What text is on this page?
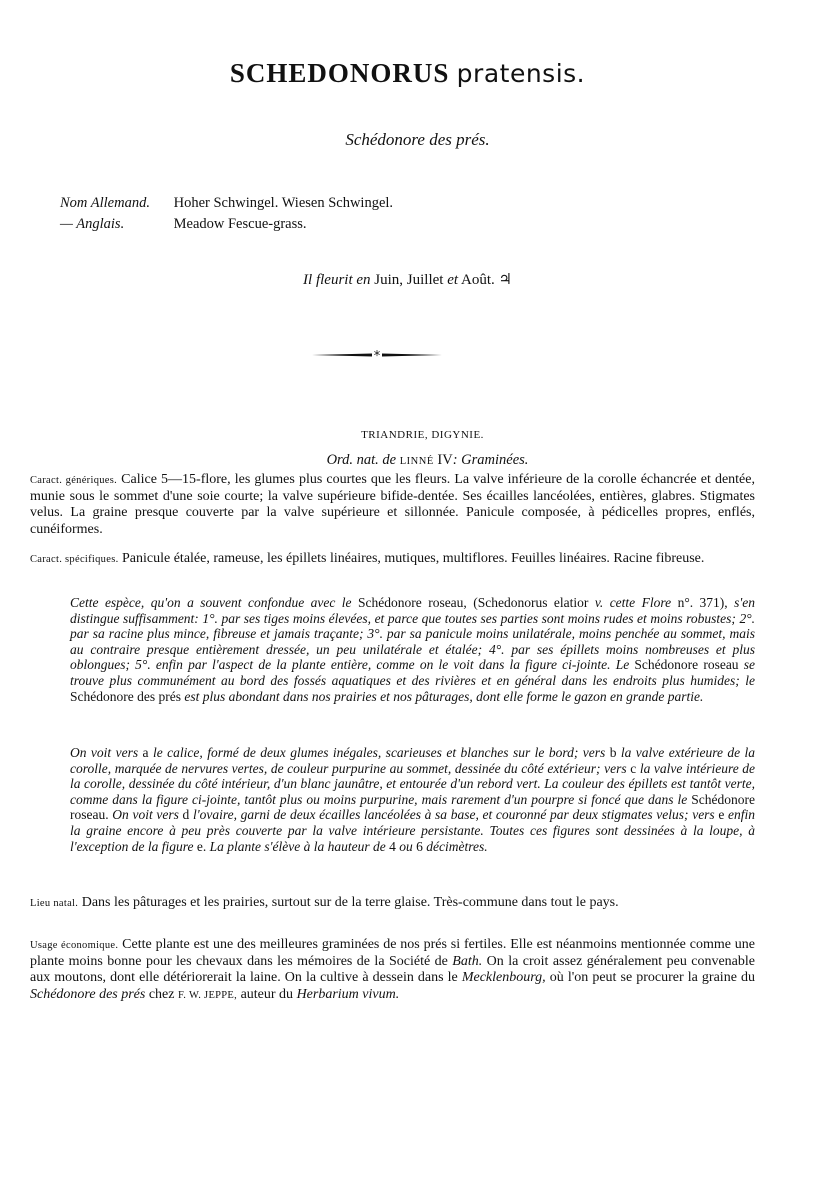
SCHEDONORUS pratensis.
Schédonore des prés.
Nom Allemand. Hoher Schwingel. Wiesen Schwingel.
— Anglais.	Meadow Fescue-grass.
Il fleurit en Juin, Juillet et Août. ♃
*
TRIANDRIE, DIGYNIE.
Ord. nat. de LINNÉ IV: Graminées.
Caract. génériques. Calice 5—15-flore, les glumes plus courtes que les fleurs. La valve inférieure de la corolle échancrée et dentée, munie sous le sommet d'une soie courte; la valve supérieure bifide-dentée. Ses écailles lancéolées, entières, glabres. Stigmates velus. La graine presque couverte par la valve supérieure et sillonnée. Panicule composée, à pédicelles propres, enflés, cunéiformes.
Caract. spécifiques. Panicule étalée, rameuse, les épillets linéaires, mutiques, multiflores. Feuilles linéaires. Racine fibreuse.
Cette espèce, qu'on a souvent confondue avec le Schédonore roseau, (Schedonorus elatior v. cette Flore n°. 371), s'en distingue suffisamment: 1°. par ses tiges moins élevées, et parce que toutes ses parties sont moins rudes et moins robustes; 2°. par sa racine plus mince, fibreuse et jamais traçante; 3°. par sa panicule moins unilatérale, moins penchée au sommet, mais au contraire presque entièrement dressée, un peu unilatérale et étalée; 4°. par ses épillets moins nombreuses et plus oblongues; 5°. enfin par l'aspect de la plante entière, comme on le voit dans la figure ci-jointe. Le Schédonore roseau se trouve plus communément au bord des fossés aquatiques et des rivières et en général dans les endroits plus humides; le Schédonore des prés est plus abondant dans nos prairies et nos pâturages, dont elle forme le gazon en grande partie.
On voit vers a le calice, formé de deux glumes inégales, scarieuses et blanches sur le bord; vers b la valve extérieure de la corolle, marquée de nervures vertes, de couleur purpurine au sommet, dessinée du côté extérieur; vers c la valve intérieure de la corolle, dessinée du côté intérieur, d'un blanc jaunâtre, et entourée d'un rebord vert. La couleur des épillets est tantôt verte, comme dans la figure ci-jointe, tantôt plus ou moins purpurine, mais rarement d'un pourpre si foncé que dans le Schédonore roseau. On voit vers d l'ovaire, garni de deux écailles lancéolées à sa base, et couronné par deux stigmates velus; vers e enfin la graine encore à peu près couverte par la valve intérieure persistante. Toutes ces figures sont dessinées à la loupe, à l'exception de la figure e. La plante s'élève à la hauteur de 4 ou 6 décimètres.
Lieu natal. Dans les pâturages et les prairies, surtout sur de la terre glaise. Très-commune dans tout le pays.
Usage économique. Cette plante est une des meilleures graminées de nos prés si fertiles. Elle est néanmoins mentionnée comme une plante moins bonne pour les chevaux dans les mémoires de la Société de Bath. On la croit assez généralement peu convenable aux moutons, dont elle détériorerait la laine. On la cultive à dessein dans le Mecklenbourg, où l'on peut se procurer la graine du Schédonore des prés chez F. W. JEPPE, auteur du Herbarium vivum.
